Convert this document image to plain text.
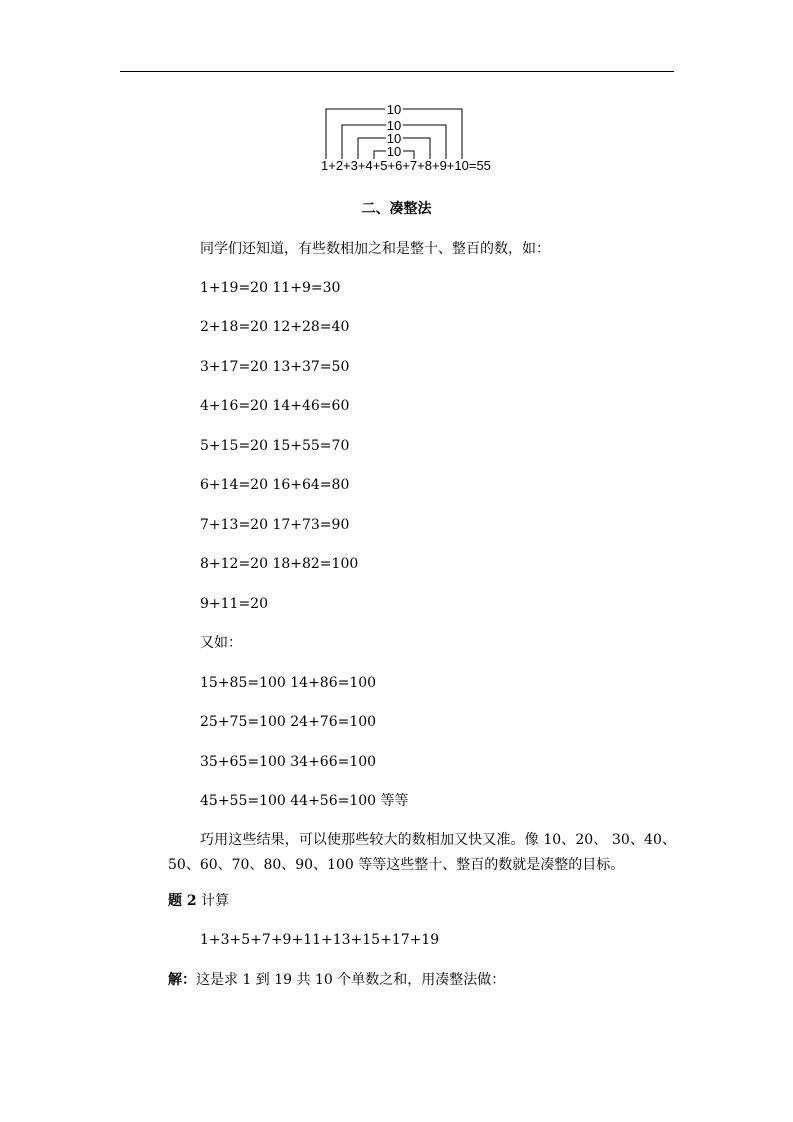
10
10
10
10
1+2+3+4+5+6+7+8+9+10=55
二、凑整法
同学们还知道，有些数相加之和是整十、整百的数，如：
1+19=20 11+9=30
2+18=20 12+28=40
3+17=20 13+37=50
4+16=20 14+46=60
5+15=20 15+55=70
6+14=20 16+64=80
7+13=20 17+73=90
8+12=20 18+82=100
9+11=20
又如：
15+85=100 14+86=100
25+75=100 24+76=100
35+65=100 34+66=100
45+55=100 44+56=100 等等
巧用这些结果，可以使那些较大的数相加又快又准。像 10、20、 30、40、50、60、70、80、90、100 等等这些整十、整百的数就是凑整的目标。
题 2 计算
1+3+5+7+9+11+13+15+17+19
解：这是求 1 到 19 共 10 个单数之和，用凑整法做：
